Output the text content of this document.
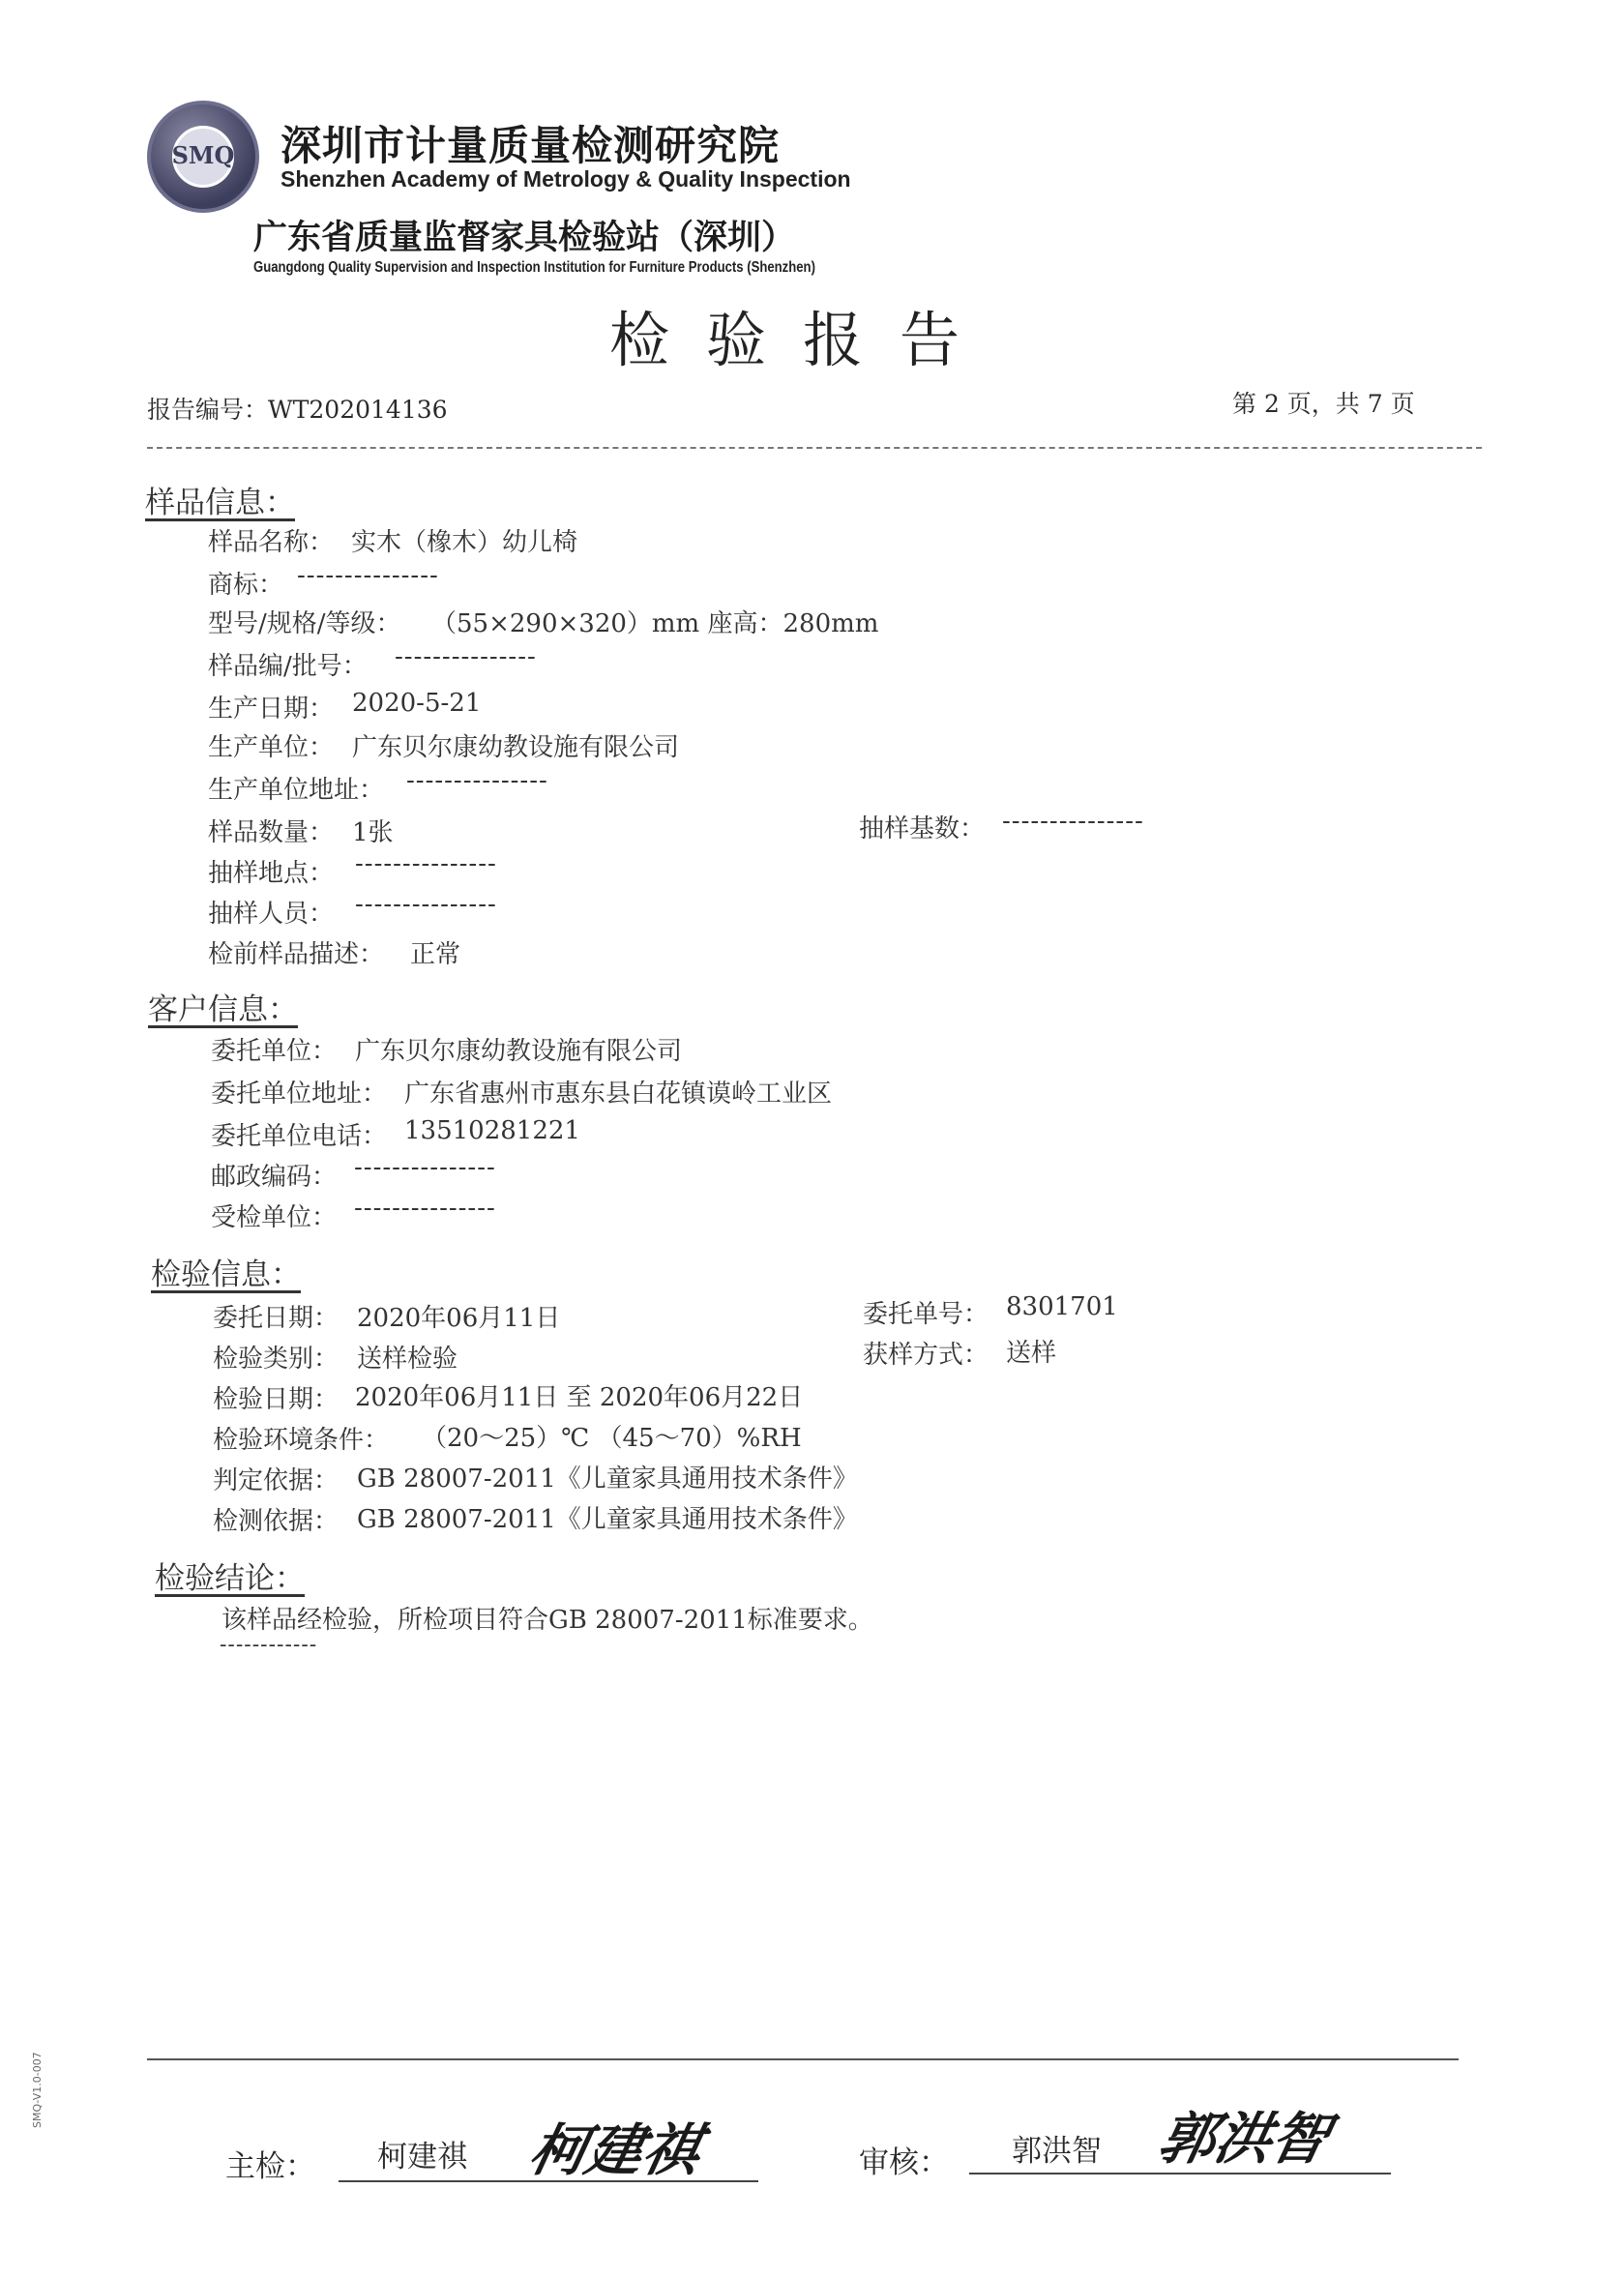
SMQ	深圳市计量质量检测研究院
Shenzhen Academy of Metrology & Quality Inspection
广东省质量监督家具检验站（深圳）
Guangdong Quality Supervision and Inspection Institution for Furniture Products (Shenzhen)
检验报告
报告编号：WT202014136	第 2 页，共 7 页
样品信息：
样品名称： 实木（橡木）幼儿椅
商标： ---------------
型号/规格/等级： （55×290×320）mm 座高：280mm
样品编/批号： ---------------
生产日期： 2020-5-21
生产单位： 广东贝尔康幼教设施有限公司
生产单位地址： ---------------
样品数量： 1张	抽样基数： ---------------
抽样地点： ---------------
抽样人员： ---------------
检前样品描述： 正常
客户信息：
委托单位： 广东贝尔康幼教设施有限公司
委托单位地址： 广东省惠州市惠东县白花镇谟岭工业区
委托单位电话： 13510281221
邮政编码： ---------------
受检单位： ---------------
检验信息：
委托日期： 2020年06月11日	委托单号： 8301701
检验类别： 送样检验	获样方式： 送样
检验日期： 2020年06月11日 至 2020年06月22日
检验环境条件： （20～25）℃ （45～70）%RH
判定依据： GB 28007-2011《儿童家具通用技术条件》
检测依据： GB 28007-2011《儿童家具通用技术条件》
检验结论：
该样品经检验，所检项目符合GB 28007-2011标准要求。
------------
主检： 柯建祺 柯建祺	审核： 郭洪智 郭洪智
SMQ-V1.0-007
